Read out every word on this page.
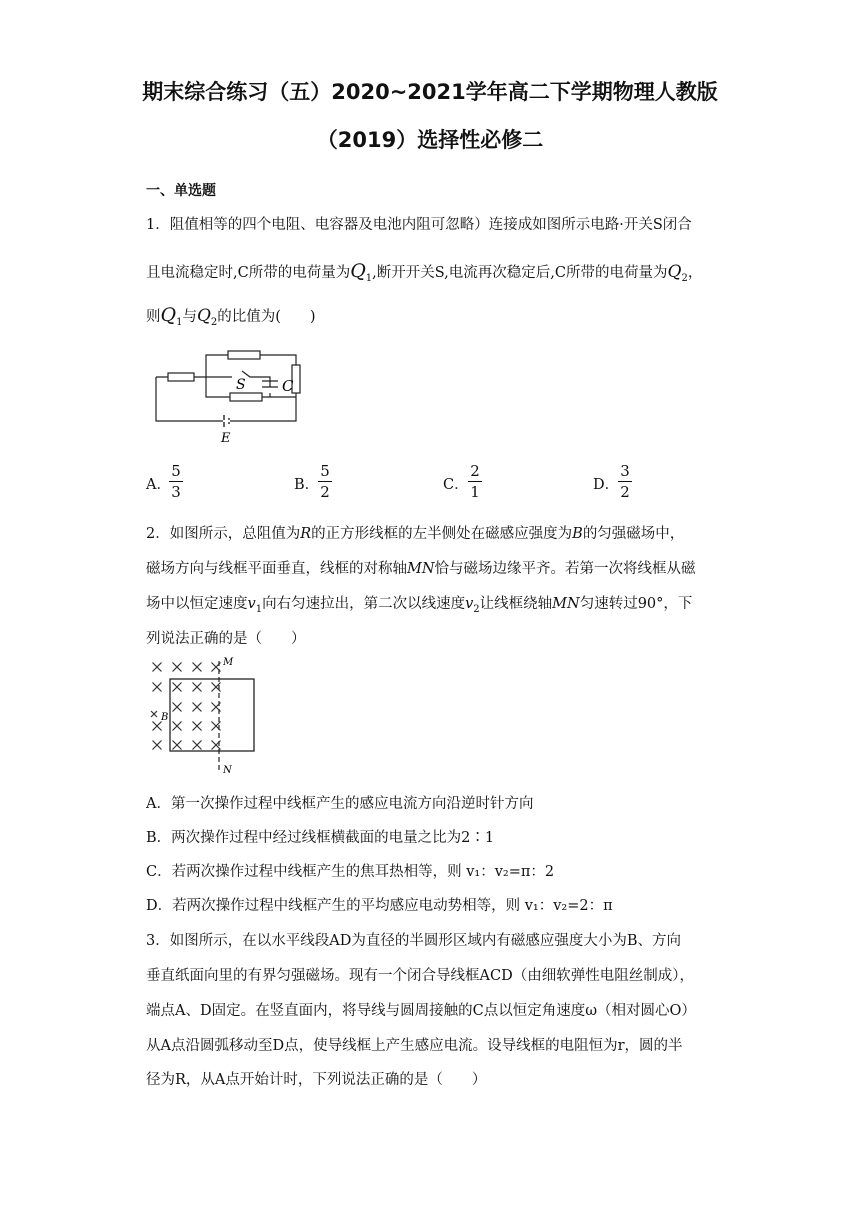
期末综合练习（五）2020~2021学年高二下学期物理人教版
（2019）选择性必修二
一、单选题
1．阻值相等的四个电阻、电容器及电池内阻可忽略）连接成如图所示电路·开关S闭合
且电流稳定时,C所带的电荷量为$Q_1$,断开开关S,电流再次稳定后,C所带的电荷量为$Q_2$，
则$Q_1$与$Q_2$的比值为(　　)
S C
E
A．
5
3	B．
5
2	C．
2
1	D．
3
2
2．如图所示，总阻值为R的正方形线框的左半侧处在磁感应强度为B的匀强磁场中，
磁场方向与线框平面垂直，线框的对称轴MN恰与磁场边缘平齐。若第一次将线框从磁
场中以恒定速度$v_1$向右匀速拉出，第二次以线速度$v_2$让线框绕轴MN匀速转过90°，下
列说法正确的是（　　）
M
N
B
A．第一次操作过程中线框产生的感应电流方向沿逆时针方向
B．两次操作过程中经过线框横截面的电量之比为2∶1
C．若两次操作过程中线框产生的焦耳热相等，则 v₁：v₂=π：2
D．若两次操作过程中线框产生的平均感应电动势相等，则 v₁：v₂=2：π
3．如图所示，在以水平线段AD为直径的半圆形区域内有磁感应强度大小为B、方向
垂直纸面向里的有界匀强磁场。现有一个闭合导线框ACD（由细软弹性电阻丝制成），
端点A、D固定。在竖直面内，将导线与圆周接触的C点以恒定角速度ω（相对圆心O）
从A点沿圆弧移动至D点，使导线框上产生感应电流。设导线框的电阻恒为r，圆的半
径为R，从A点开始计时，下列说法正确的是（　　）
